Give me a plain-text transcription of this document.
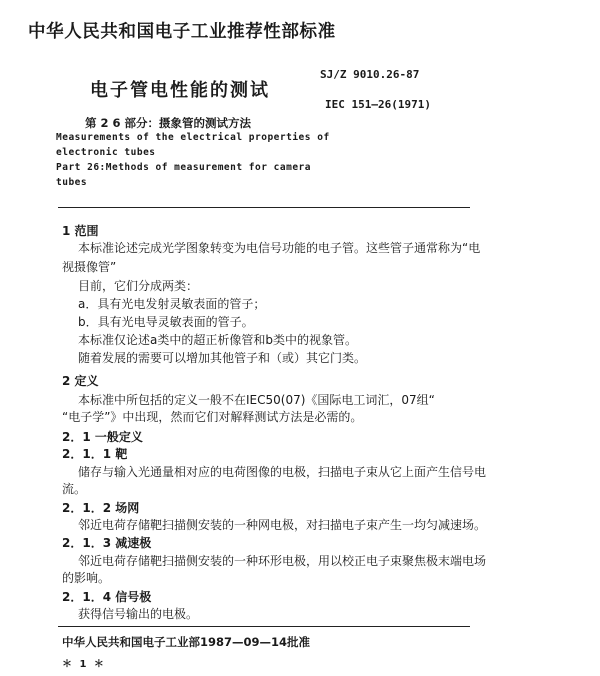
中华人民共和国电子工业推荐性部标准
电子管电性能的测试
SJ/Z 9010.26-87
IEC 151—26(1971)
第 2 6 部分：摄象管的测试方法
Measurements of the electrical properties of
electronic tubes
Part 26:Methods of measurement for camera
tubes
1 范围
本标准论述完成光学图象转变为电信号功能的电子管。这些管子通常称为“电
视摄像管”
目前，它们分成两类：
a．具有光电发射灵敏表面的管子；
b．具有光电导灵敏表面的管子。
本标准仅论述a类中的超正析像管和b类中的视象管。
随着发展的需要可以增加其他管子和（或）其它门类。
2 定义
本标准中所包括的定义一般不在IEC50(07)《国际电工词汇，07组“
“电子学”》中出现，然而它们对解释测试方法是必需的。
2．1 一般定义
2．1．1 靶
储存与输入光通量相对应的电荷图像的电极，扫描电子束从它上面产生信号电
流。
2．1．2 场网
邻近电荷存储靶扫描侧安装的一种网电极，对扫描电子束产生一均匀减速场。
2．1．3 减速极
邻近电荷存储靶扫描侧安装的一种环形电极，用以校正电子束聚焦极末端电场
的影响。
2．1．4 信号极
获得信号输出的电极。
中华人民共和国电子工业部1987—09—14批准
＊ 1 ＊
